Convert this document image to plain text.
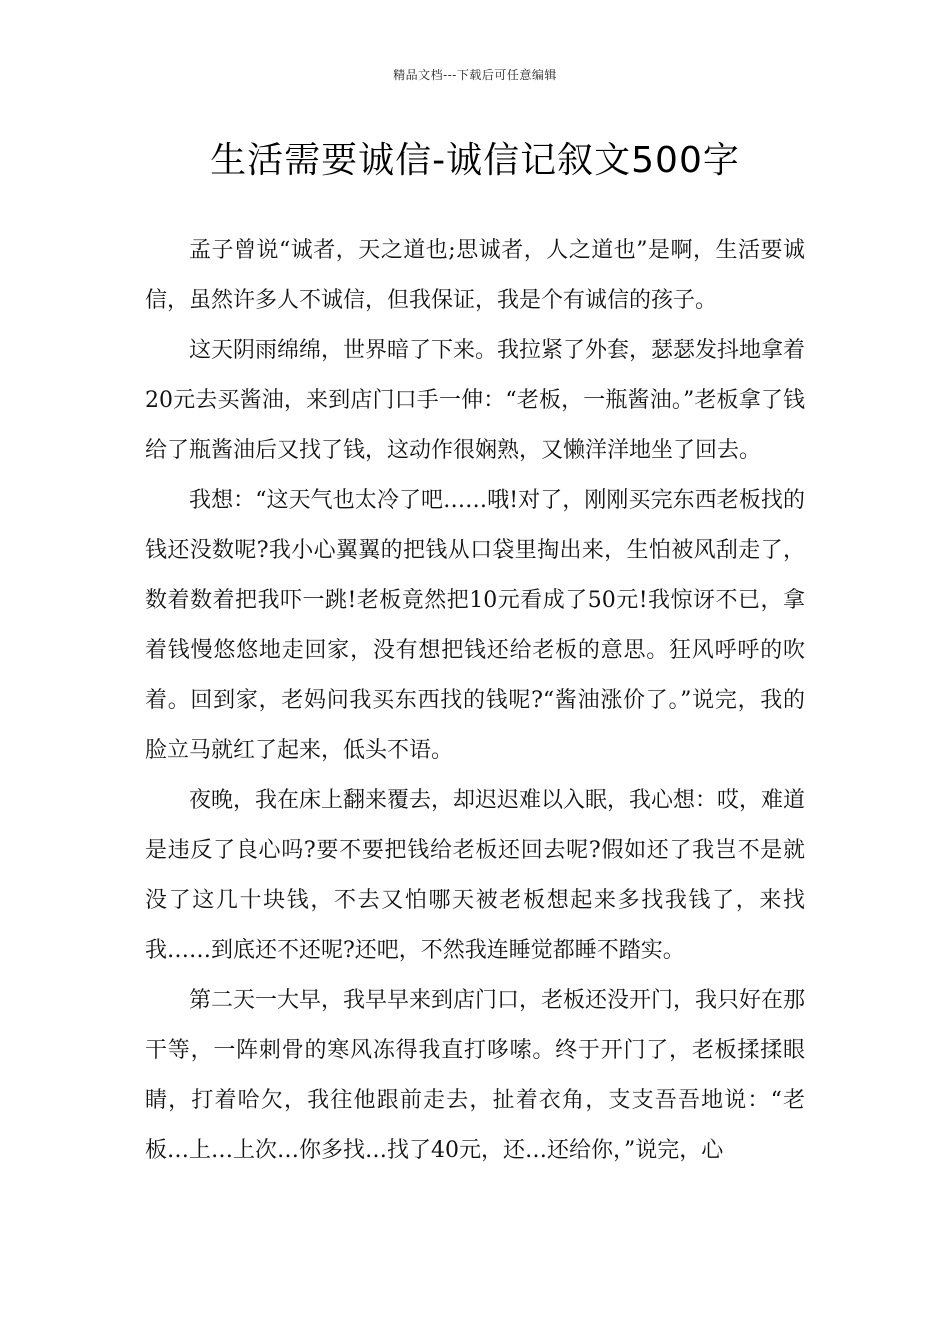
精品文档---下载后可任意编辑
生活需要诚信-诚信记叙文500字

孟子曾说“诚者，天之道也;思诚者，人之道也”是啊，生活要诚信，虽然许多人不诚信，但我保证，我是个有诚信的孩子。

这天阴雨绵绵，世界暗了下来。我拉紧了外套，瑟瑟发抖地拿着20元去买酱油，来到店门口手一伸：“老板，一瓶酱油。”老板拿了钱给了瓶酱油后又找了钱，这动作很娴熟，又懒洋洋地坐了回去。

我想：“这天气也太冷了吧……哦!对了，刚刚买完东西老板找的钱还没数呢?我小心翼翼的把钱从口袋里掏出来，生怕被风刮走了，数着数着把我吓一跳!老板竟然把10元看成了50元!我惊讶不已，拿着钱慢悠悠地走回家，没有想把钱还给老板的意思。狂风呼呼的吹着。回到家，老妈问我买东西找的钱呢?“酱油涨价了。”说完，我的脸立马就红了起来，低头不语。

夜晚，我在床上翻来覆去，却迟迟难以入眠，我心想：哎，难道是违反了良心吗?要不要把钱给老板还回去呢?假如还了我岂不是就没了这几十块钱，不去又怕哪天被老板想起来多找我钱了，来找我……到底还不还呢?还吧，不然我连睡觉都睡不踏实。

第二天一大早，我早早来到店门口，老板还没开门，我只好在那干等，一阵刺骨的寒风冻得我直打哆嗦。终于开门了，老板揉揉眼睛，打着哈欠，我往他跟前走去，扯着衣角，支支吾吾地说：“老板…上…上次…你多找…找了40元，还…还给你，”说完，心
